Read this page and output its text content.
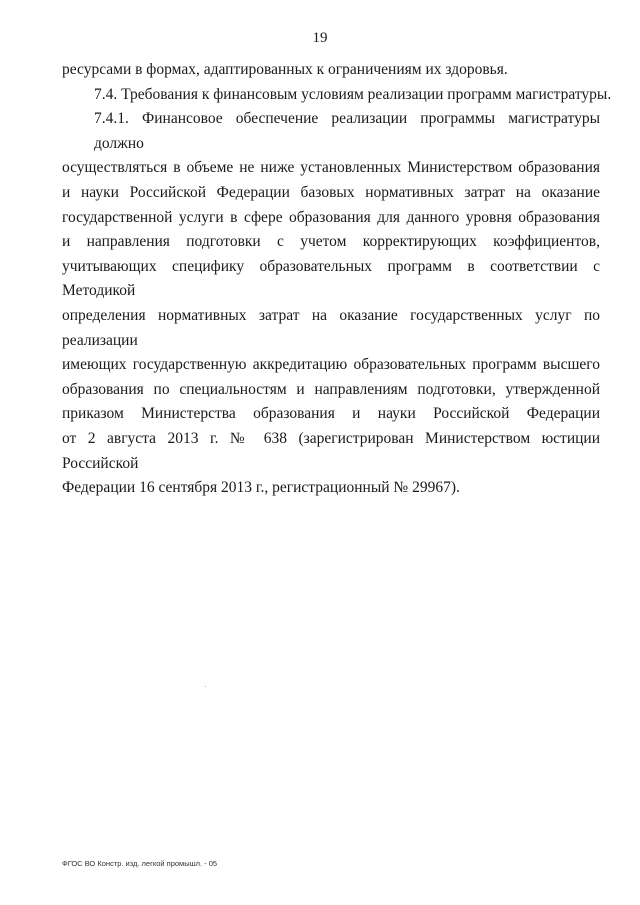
19
ресурсами в формах, адаптированных к ограничениям их здоровья.
7.4. Требования к финансовым условиям реализации программ магистратуры.
7.4.1. Финансовое обеспечение реализации программы магистратуры должно
осуществляться в объеме не ниже установленных Министерством образования
и науки Российской Федерации базовых нормативных затрат на оказание
государственной услуги в сфере образования для данного уровня образования
и направления подготовки с учетом корректирующих коэффициентов,
учитывающих специфику образовательных программ в соответствии с Методикой
определения нормативных затрат на оказание государственных услуг по реализации
имеющих государственную аккредитацию образовательных программ высшего
образования по специальностям и направлениям подготовки, утвержденной
приказом Министерства образования и науки Российской Федерации
от 2 августа 2013 г. № 638 (зарегистрирован Министерством юстиции Российской
Федерации 16 сентября 2013 г., регистрационный № 29967).
ФГОС ВО Констр. изд. легкой промышл. - 05
